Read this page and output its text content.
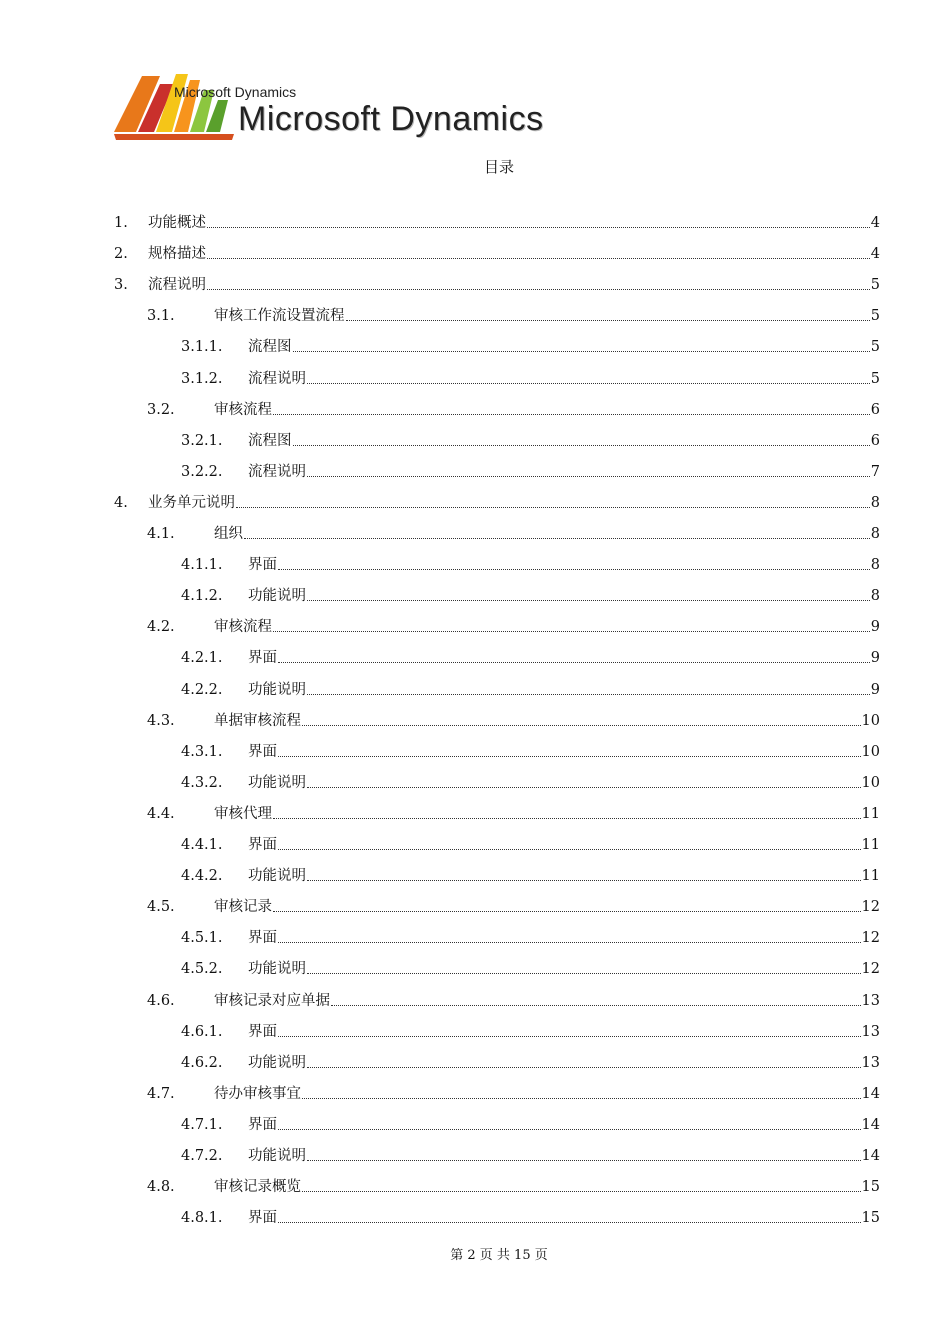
Microsoft Dynamics
Microsoft Dynamics
目录
1.	功能概述	4
2.	规格描述	4
3.	流程说明	5
3.1.	审核工作流设置流程	5
3.1.1.	流程图	5
3.1.2.	流程说明	5
3.2.	审核流程	6
3.2.1.	流程图	6
3.2.2.	流程说明	7
4.	业务单元说明	8
4.1.	组织	8
4.1.1.	界面	8
4.1.2.	功能说明	8
4.2.	审核流程	9
4.2.1.	界面	9
4.2.2.	功能说明	9
4.3.	单据审核流程	10
4.3.1.	界面	10
4.3.2.	功能说明	10
4.4.	审核代理	11
4.4.1.	界面	11
4.4.2.	功能说明	11
4.5.	审核记录	12
4.5.1.	界面	12
4.5.2.	功能说明	12
4.6.	审核记录对应单据	13
4.6.1.	界面	13
4.6.2.	功能说明	13
4.7.	待办审核事宜	14
4.7.1.	界面	14
4.7.2.	功能说明	14
4.8.	审核记录概览	15
4.8.1.	界面	15
第 2 页 共 15 页
